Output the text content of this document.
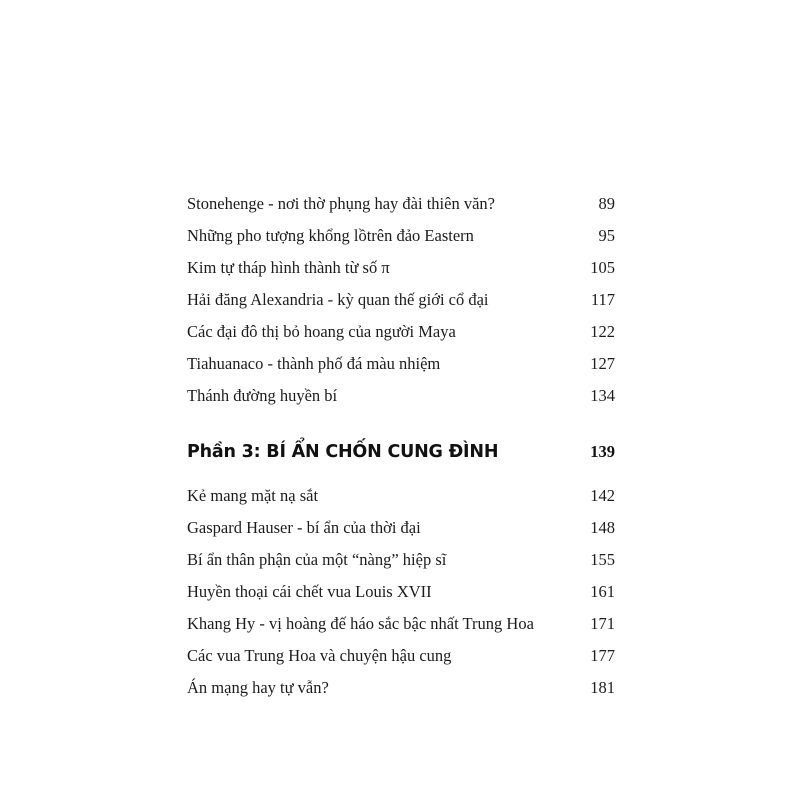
Stonehenge - nơi thờ phụng hay đài thiên văn?	89
Những pho tượng khổng lồtrên đảo Eastern	95
Kim tự tháp hình thành từ số π	105
Hải đăng Alexandria - kỳ quan thế giới cổ đại	117
Các đại đô thị bỏ hoang của người Maya	122
Tiahuanaco - thành phố đá màu nhiệm	127
Thánh đường huyền bí	134
Phần 3: BÍ ẨN CHỐN CUNG ĐÌNH	139
Kẻ mang mặt nạ sắt	142
Gaspard Hauser - bí ẩn của thời đại	148
Bí ẩn thân phận của một “nàng” hiệp sĩ	155
Huyền thoại cái chết vua Louis XVII	161
Khang Hy - vị hoàng đế háo sắc bậc nhất Trung Hoa	171
Các vua Trung Hoa và chuyện hậu cung	177
Án mạng hay tự vẫn?	181
